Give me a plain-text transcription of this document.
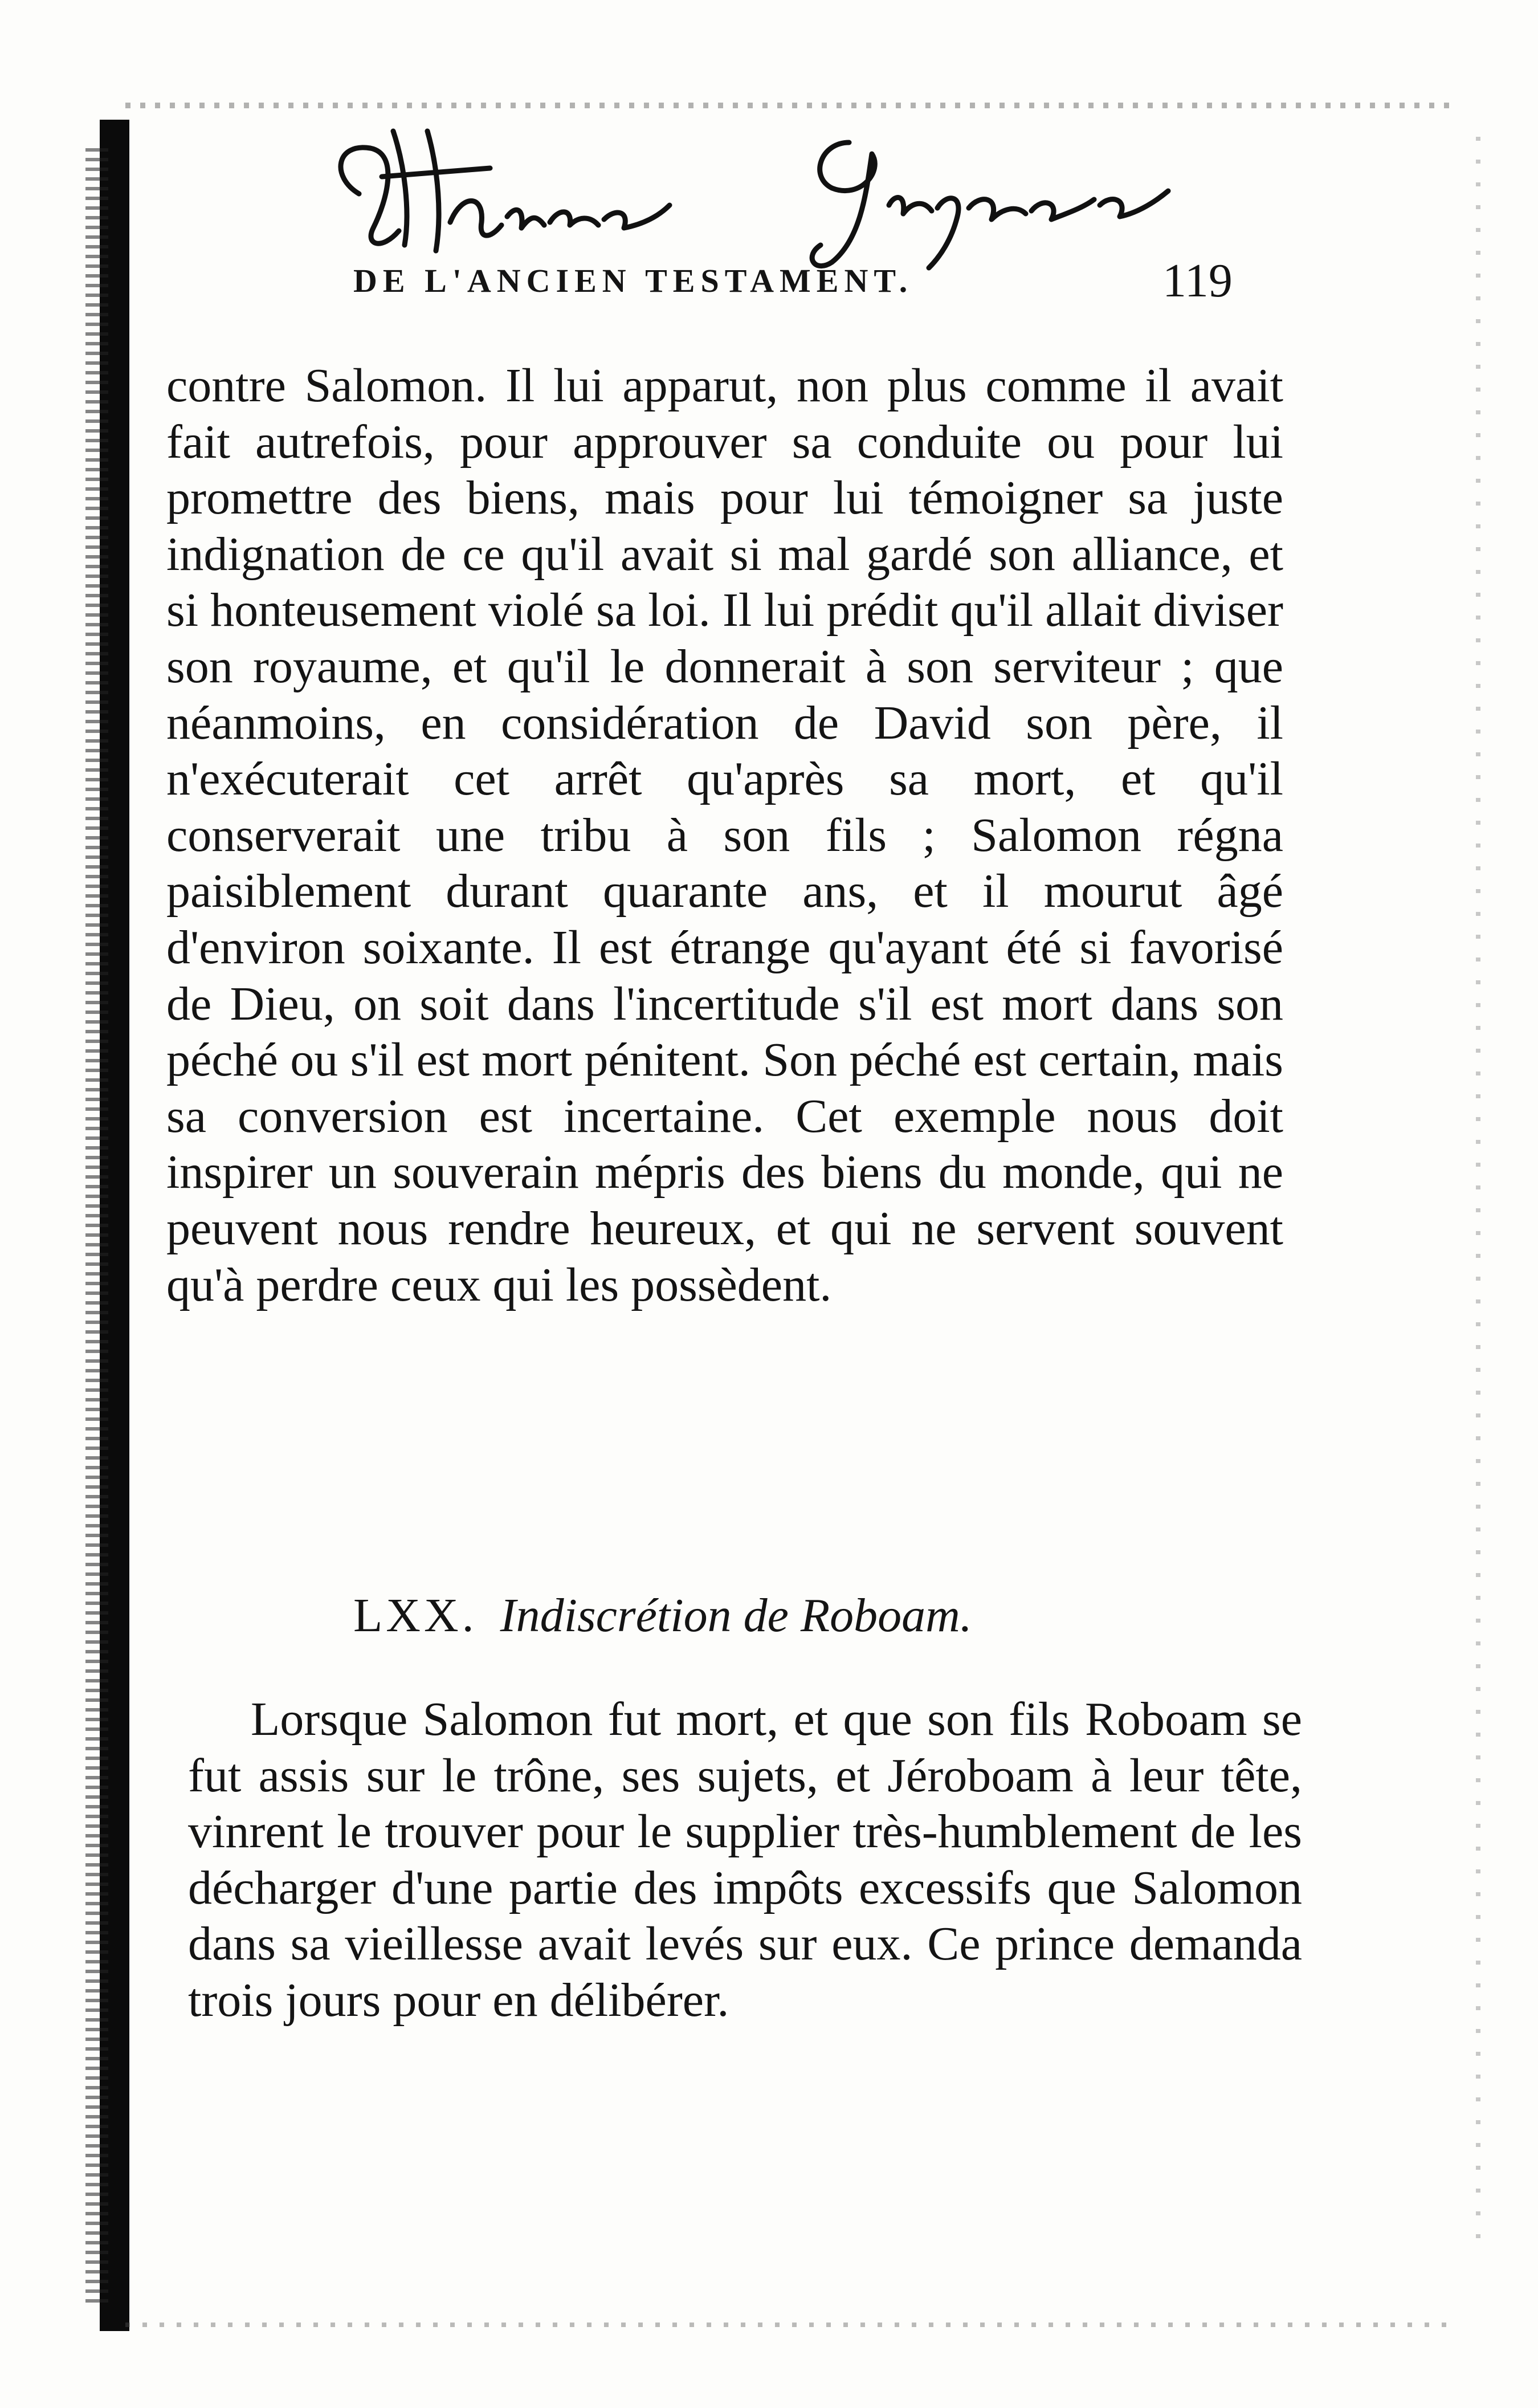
DE L'ANCIEN TESTAMENT.	119

contre Salomon. Il lui apparut, non plus comme il avait fait autrefois, pour approuver sa conduite ou pour lui promettre des biens, mais pour lui témoigner sa juste indignation de ce qu'il avait si mal gardé son alliance, et si honteusement violé sa loi. Il lui prédit qu'il allait diviser son royaume, et qu'il le donnerait à son serviteur ; que néanmoins, en considération de David son père, il n'exécuterait cet arrêt qu'après sa mort, et qu'il conserverait une tribu à son fils ; Salomon régna paisiblement durant quarante ans, et il mourut âgé d'environ soixante. Il est étrange qu'ayant été si favorisé de Dieu, on soit dans l'incertitude s'il est mort dans son péché ou s'il est mort pénitent. Son péché est certain, mais sa conversion est incertaine. Cet exemple nous doit inspirer un souverain mépris des biens du monde, qui ne peuvent nous rendre heureux, et qui ne servent souvent qu'à perdre ceux qui les possèdent.

LXX. Indiscrétion de Roboam.

Lorsque Salomon fut mort, et que son fils Roboam se fut assis sur le trône, ses sujets, et Jéroboam à leur tête, vinrent le trouver pour le supplier très-humblement de les décharger d'une partie des impôts excessifs que Salomon dans sa vieillesse avait levés sur eux. Ce prince demanda trois jours pour en délibérer.
